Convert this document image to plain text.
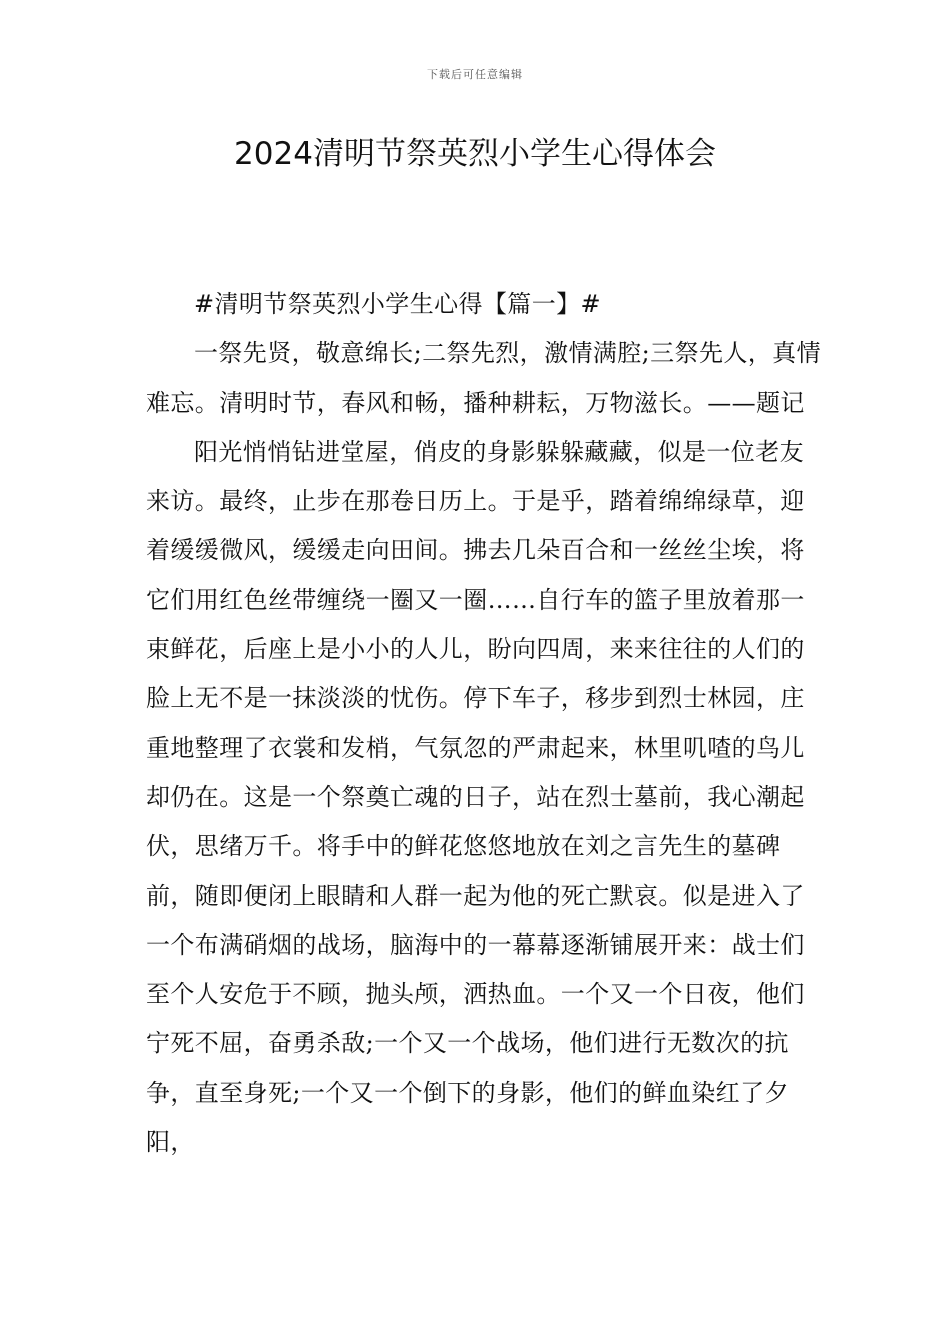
下载后可任意编辑
2024清明节祭英烈小学生心得体会

#清明节祭英烈小学生心得【篇一】#

一祭先贤，敬意绵长;二祭先烈，激情满腔;三祭先人，真情难忘。清明时节，春风和畅，播种耕耘，万物滋长。——题记

阳光悄悄钻进堂屋，俏皮的身影躲躲藏藏，似是一位老友来访。最终，止步在那卷日历上。于是乎，踏着绵绵绿草，迎着缓缓微风，缓缓走向田间。拂去几朵百合和一丝丝尘埃，将它们用红色丝带缠绕一圈又一圈……自行车的篮子里放着那一束鲜花，后座上是小小的人儿，盼向四周，来来往往的人们的脸上无不是一抹淡淡的忧伤。停下车子，移步到烈士林园，庄重地整理了衣裳和发梢，气氛忽的严肃起来，林里叽喳的鸟儿却仍在。这是一个祭奠亡魂的日子，站在烈士墓前，我心潮起伏，思绪万千。将手中的鲜花悠悠地放在刘之言先生的墓碑前，随即便闭上眼睛和人群一起为他的死亡默哀。似是进入了一个布满硝烟的战场，脑海中的一幕幕逐渐铺展开来：战士们至个人安危于不顾，抛头颅，洒热血。一个又一个日夜，他们宁死不屈，奋勇杀敌;一个又一个战场，他们进行无数次的抗争，直至身死;一个又一个倒下的身影，他们的鲜血染红了夕阳，
